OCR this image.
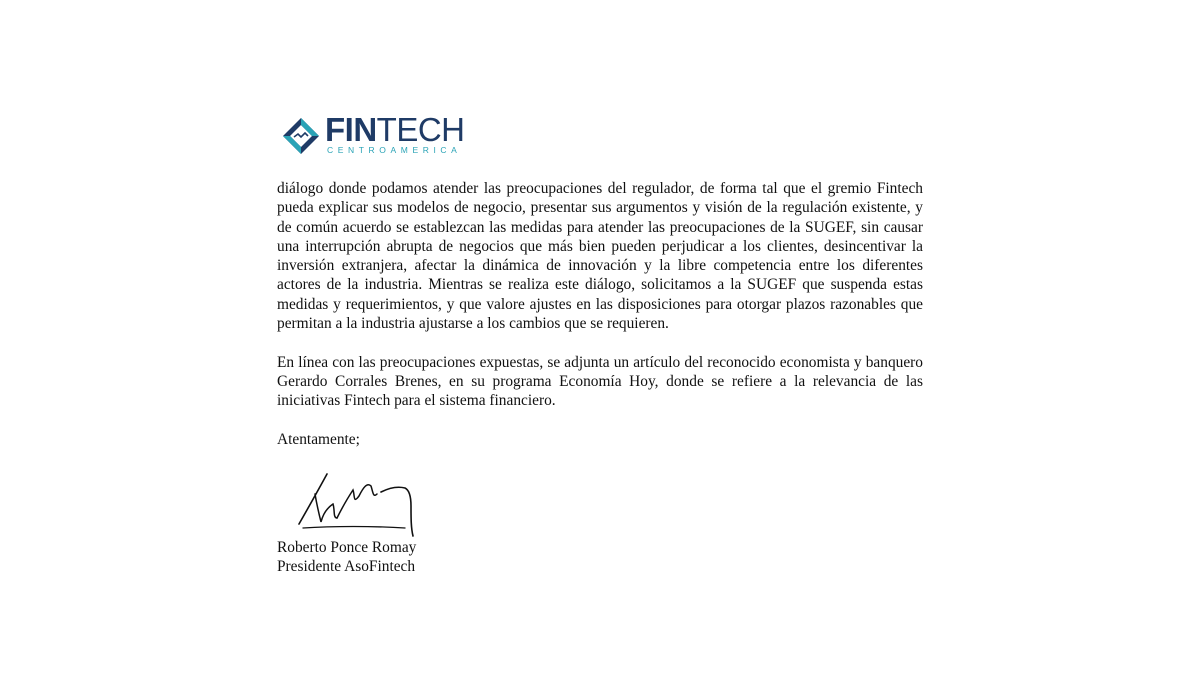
FINTECH
CENTROAMERICA

diálogo donde podamos atender las preocupaciones del regulador, de forma tal que el gremio Fintech pueda explicar sus modelos de negocio, presentar sus argumentos y visión de la regulación existente, y de común acuerdo se establezcan las medidas para atender las preocupaciones de la SUGEF, sin causar una interrupción abrupta de negocios que más bien pueden perjudicar a los clientes, desincentivar la inversión extranjera, afectar la dinámica de innovación y la libre competencia entre los diferentes actores de la industria. Mientras se realiza este diálogo, solicitamos a la SUGEF que suspenda estas medidas y requerimientos, y que valore ajustes en las disposiciones para otorgar plazos razonables que permitan a la industria ajustarse a los cambios que se requieren.

En línea con las preocupaciones expuestas, se adjunta un artículo del reconocido economista y banquero Gerardo Corrales Brenes, en su programa Economía Hoy, donde se refiere a la relevancia de las iniciativas Fintech para el sistema financiero.

Atentamente;

Roberto Ponce Romay
Presidente AsoFintech
